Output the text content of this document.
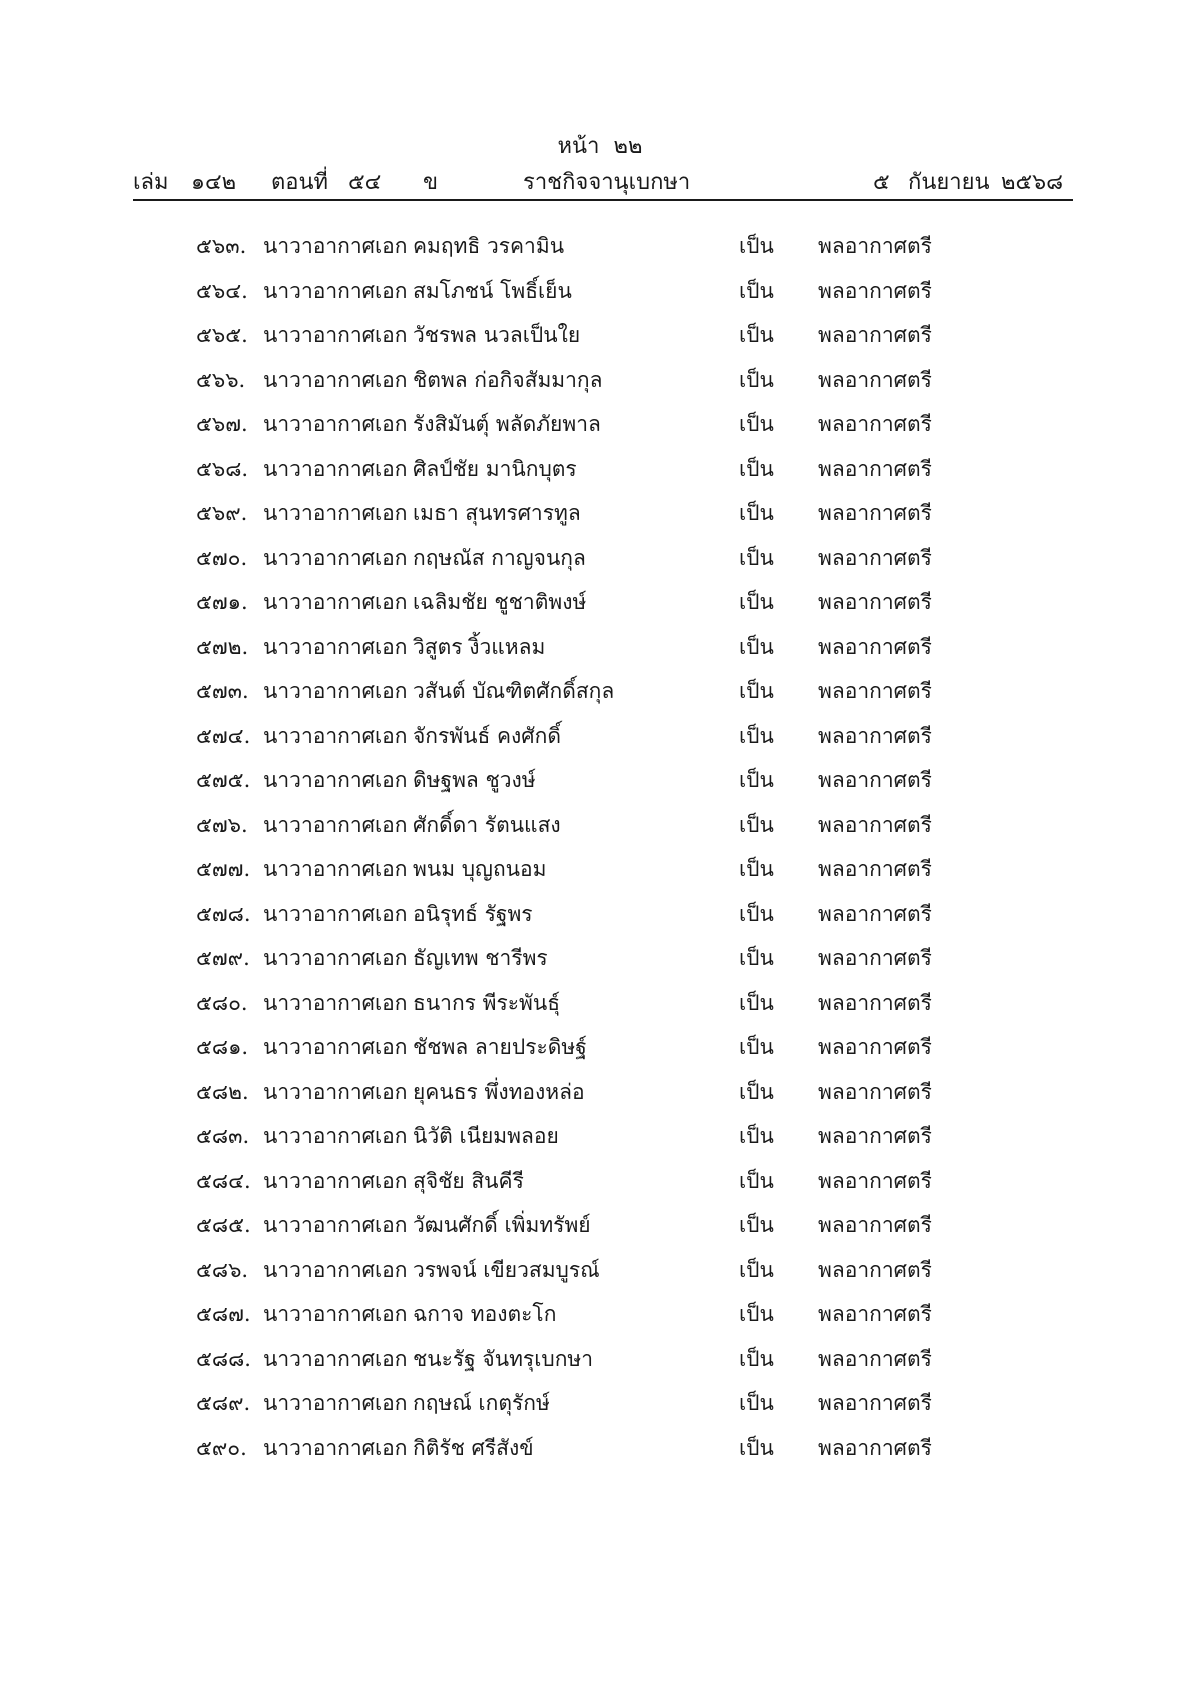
หน้า ๒๒
เล่ม ๑๔๒ ตอนที่ ๕๔ ข	ราชกิจจานุเบกษา	๕ กันยายน ๒๕๖๘
๕๖๓. นาวาอากาศเอก คมฤทธิ วรคามิน	เป็น พลอากาศตรี
๕๖๔. นาวาอากาศเอก สมโภชน์ โพธิ์เย็น	เป็น พลอากาศตรี
๕๖๕. นาวาอากาศเอก วัชรพล นวลเป็นใย	เป็น พลอากาศตรี
๕๖๖. นาวาอากาศเอก ชิตพล ก่อกิจสัมมากุล	เป็น พลอากาศตรี
๕๖๗. นาวาอากาศเอก รังสิมันต์ุ พลัดภัยพาล	เป็น พลอากาศตรี
๕๖๘. นาวาอากาศเอก ศิลป์ชัย มานิกบุตร	เป็น พลอากาศตรี
๕๖๙. นาวาอากาศเอก เมธา สุนทรศารทูล	เป็น พลอากาศตรี
๕๗๐. นาวาอากาศเอก กฤษณัส กาญจนกุล	เป็น พลอากาศตรี
๕๗๑. นาวาอากาศเอก เฉลิมชัย ชูชาติพงษ์	เป็น พลอากาศตรี
๕๗๒. นาวาอากาศเอก วิสูตร งิ้วแหลม	เป็น พลอากาศตรี
๕๗๓. นาวาอากาศเอก วสันต์ บัณฑิตศักดิ์สกุล	เป็น พลอากาศตรี
๕๗๔. นาวาอากาศเอก จักรพันธ์ คงศักดิ์	เป็น พลอากาศตรี
๕๗๕. นาวาอากาศเอก ดิษฐพล ชูวงษ์	เป็น พลอากาศตรี
๕๗๖. นาวาอากาศเอก ศักดิ์ดา รัตนแสง	เป็น พลอากาศตรี
๕๗๗. นาวาอากาศเอก พนม บุญถนอม	เป็น พลอากาศตรี
๕๗๘. นาวาอากาศเอก อนิรุทธ์ รัฐพร	เป็น พลอากาศตรี
๕๗๙. นาวาอากาศเอก ธัญเทพ ชารีพร	เป็น พลอากาศตรี
๕๘๐. นาวาอากาศเอก ธนากร พีระพันธุ์	เป็น พลอากาศตรี
๕๘๑. นาวาอากาศเอก ชัชพล ลายประดิษฐ์	เป็น พลอากาศตรี
๕๘๒. นาวาอากาศเอก ยุคนธร พึ่งทองหล่อ	เป็น พลอากาศตรี
๕๘๓. นาวาอากาศเอก นิวัติ เนียมพลอย	เป็น พลอากาศตรี
๕๘๔. นาวาอากาศเอก สุจิชัย สินคีรี	เป็น พลอากาศตรี
๕๘๕. นาวาอากาศเอก วัฒนศักดิ์ เพิ่มทรัพย์	เป็น พลอากาศตรี
๕๘๖. นาวาอากาศเอก วรพจน์ เขียวสมบูรณ์	เป็น พลอากาศตรี
๕๘๗. นาวาอากาศเอก ฉกาจ ทองตะโก	เป็น พลอากาศตรี
๕๘๘. นาวาอากาศเอก ชนะรัฐ จันทรุเบกษา	เป็น พลอากาศตรี
๕๘๙. นาวาอากาศเอก กฤษณ์ เกตุรักษ์	เป็น พลอากาศตรี
๕๙๐. นาวาอากาศเอก กิติรัช ศรีสังข์	เป็น พลอากาศตรี
